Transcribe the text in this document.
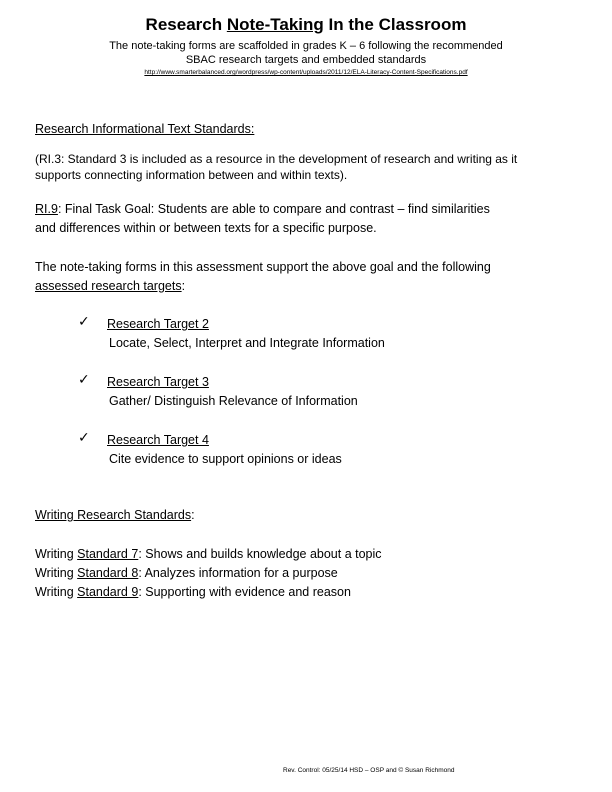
Research Note-Taking In the Classroom
The note-taking forms are scaffolded in grades K – 6 following the recommended
SBAC research targets and embedded standards
http://www.smarterbalanced.org/wordpress/wp-content/uploads/2011/12/ELA-Literacy-Content-Specifications.pdf
Research Informational Text Standards:
(RI.3: Standard 3 is included as a resource in the development of research and writing as it
supports connecting information between and within texts).
RI.9: Final Task Goal: Students are able to compare and contrast – find similarities
and differences within or between texts for a specific purpose.
The note-taking forms in this assessment support the above goal and the following
assessed research targets:
✓ Research Target 2
Locate, Select, Interpret and Integrate Information
✓ Research Target 3
Gather/ Distinguish Relevance of Information
✓ Research Target 4
Cite evidence to support opinions or ideas
Writing Research Standards:
Writing Standard 7: Shows and builds knowledge about a topic
Writing Standard 8: Analyzes information for a purpose
Writing Standard 9: Supporting with evidence and reason
Rev. Control: 05/25/14 HSD – OSP and © Susan Richmond
